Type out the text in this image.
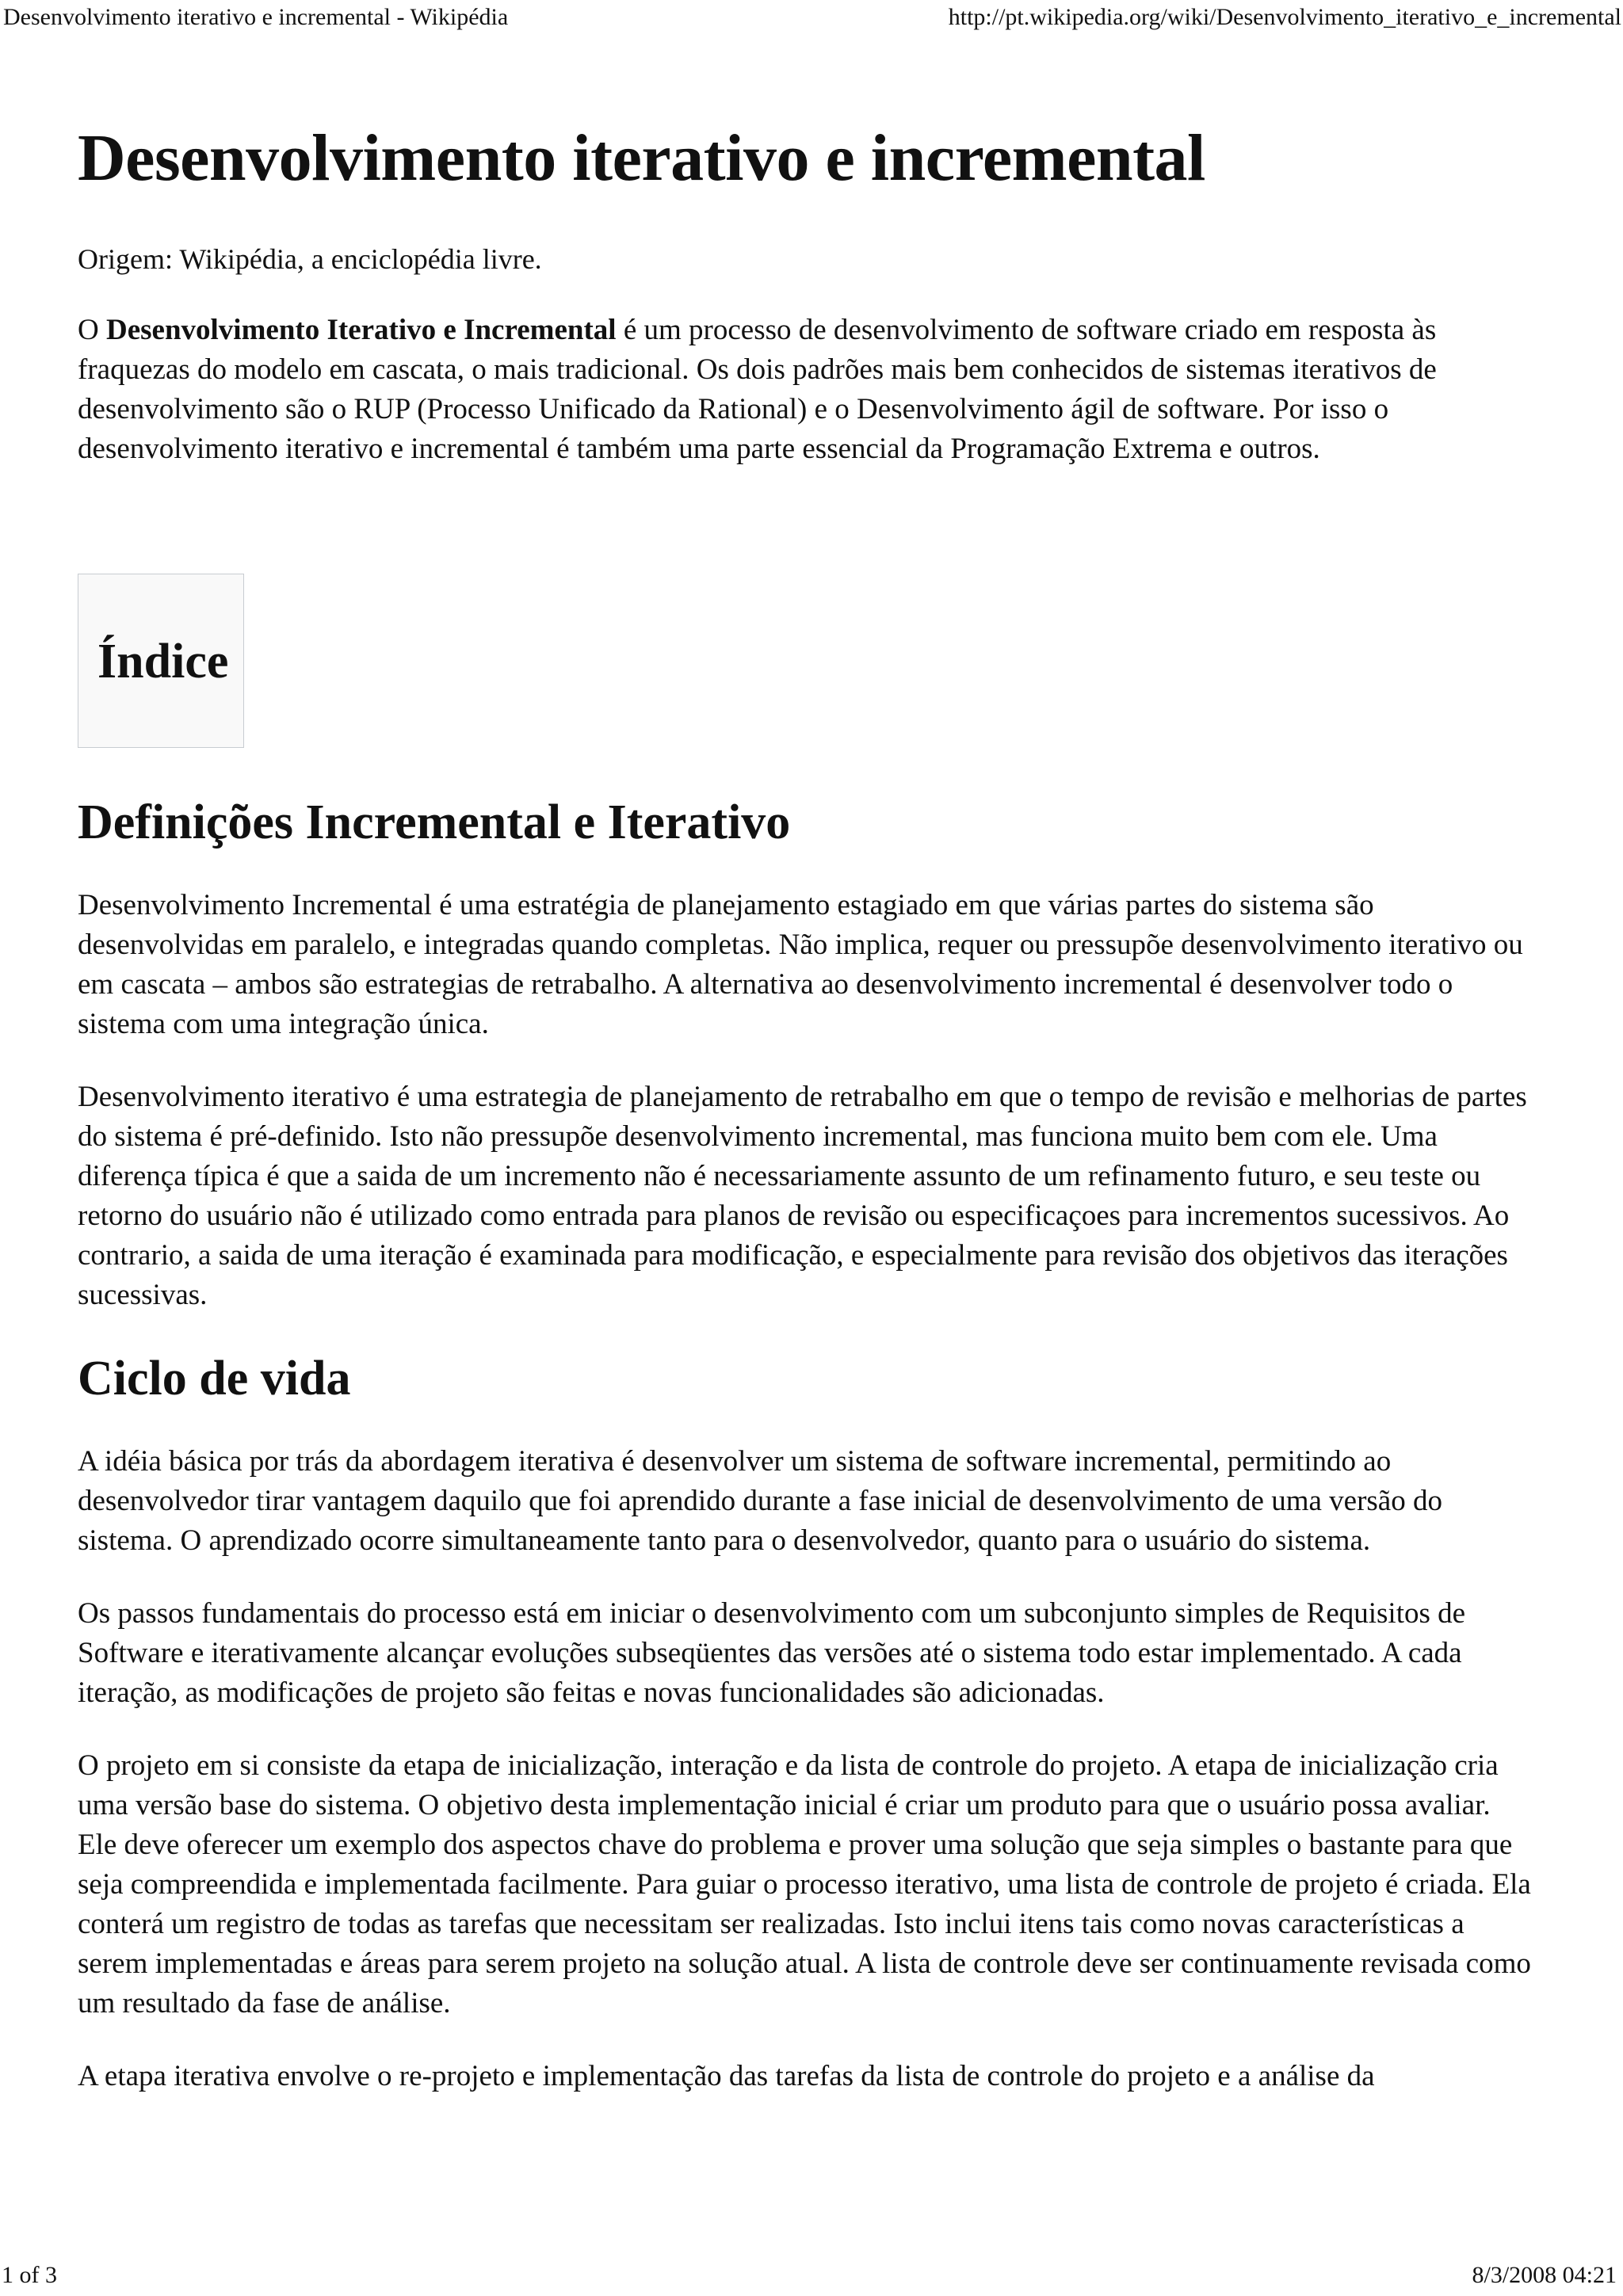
Desenvolvimento iterativo e incremental - Wikipédia	http://pt.wikipedia.org/wiki/Desenvolvimento_iterativo_e_incremental
Desenvolvimento iterativo e incremental
Origem: Wikipédia, a enciclopédia livre.

O Desenvolvimento Iterativo e Incremental é um processo de desenvolvimento de software criado em resposta às fraquezas do modelo em cascata, o mais tradicional. Os dois padrões mais bem conhecidos de sistemas iterativos de desenvolvimento são o RUP (Processo Unificado da Rational) e o Desenvolvimento ágil de software. Por isso o desenvolvimento iterativo e incremental é também uma parte essencial da Programação Extrema e outros.

Índice
Definições Incremental e Iterativo

Desenvolvimento Incremental é uma estratégia de planejamento estagiado em que várias partes do sistema são desenvolvidas em paralelo, e integradas quando completas. Não implica, requer ou pressupõe desenvolvimento iterativo ou em cascata – ambos são estrategias de retrabalho. A alternativa ao desenvolvimento incremental é desenvolver todo o sistema com uma integração única.

Desenvolvimento iterativo é uma estrategia de planejamento de retrabalho em que o tempo de revisão e melhorias de partes do sistema é pré-definido. Isto não pressupõe desenvolvimento incremental, mas funciona muito bem com ele. Uma diferença típica é que a saida de um incremento não é necessariamente assunto de um refinamento futuro, e seu teste ou retorno do usuário não é utilizado como entrada para planos de revisão ou especificaçoes para incrementos sucessivos. Ao contrario, a saida de uma iteração é examinada para modificação, e especialmente para revisão dos objetivos das iterações sucessivas.

Ciclo de vida

A idéia básica por trás da abordagem iterativa é desenvolver um sistema de software incremental, permitindo ao desenvolvedor tirar vantagem daquilo que foi aprendido durante a fase inicial de desenvolvimento de uma versão do sistema. O aprendizado ocorre simultaneamente tanto para o desenvolvedor, quanto para o usuário do sistema.

Os passos fundamentais do processo está em iniciar o desenvolvimento com um subconjunto simples de Requisitos de Software e iterativamente alcançar evoluções subseqüentes das versões até o sistema todo estar implementado. A cada iteração, as modificações de projeto são feitas e novas funcionalidades são adicionadas.

O projeto em si consiste da etapa de inicialização, interação e da lista de controle do projeto. A etapa de inicialização cria uma versão base do sistema. O objetivo desta implementação inicial é criar um produto para que o usuário possa avaliar. Ele deve oferecer um exemplo dos aspectos chave do problema e prover uma solução que seja simples o bastante para que seja compreendida e implementada facilmente. Para guiar o processo iterativo, uma lista de controle de projeto é criada. Ela conterá um registro de todas as tarefas que necessitam ser realizadas. Isto inclui itens tais como novas características a serem implementadas e áreas para serem projeto na solução atual. A lista de controle deve ser continuamente revisada como um resultado da fase de análise.

A etapa iterativa envolve o re-projeto e implementação das tarefas da lista de controle do projeto e a análise da

1 of 3	8/3/2008 04:21
